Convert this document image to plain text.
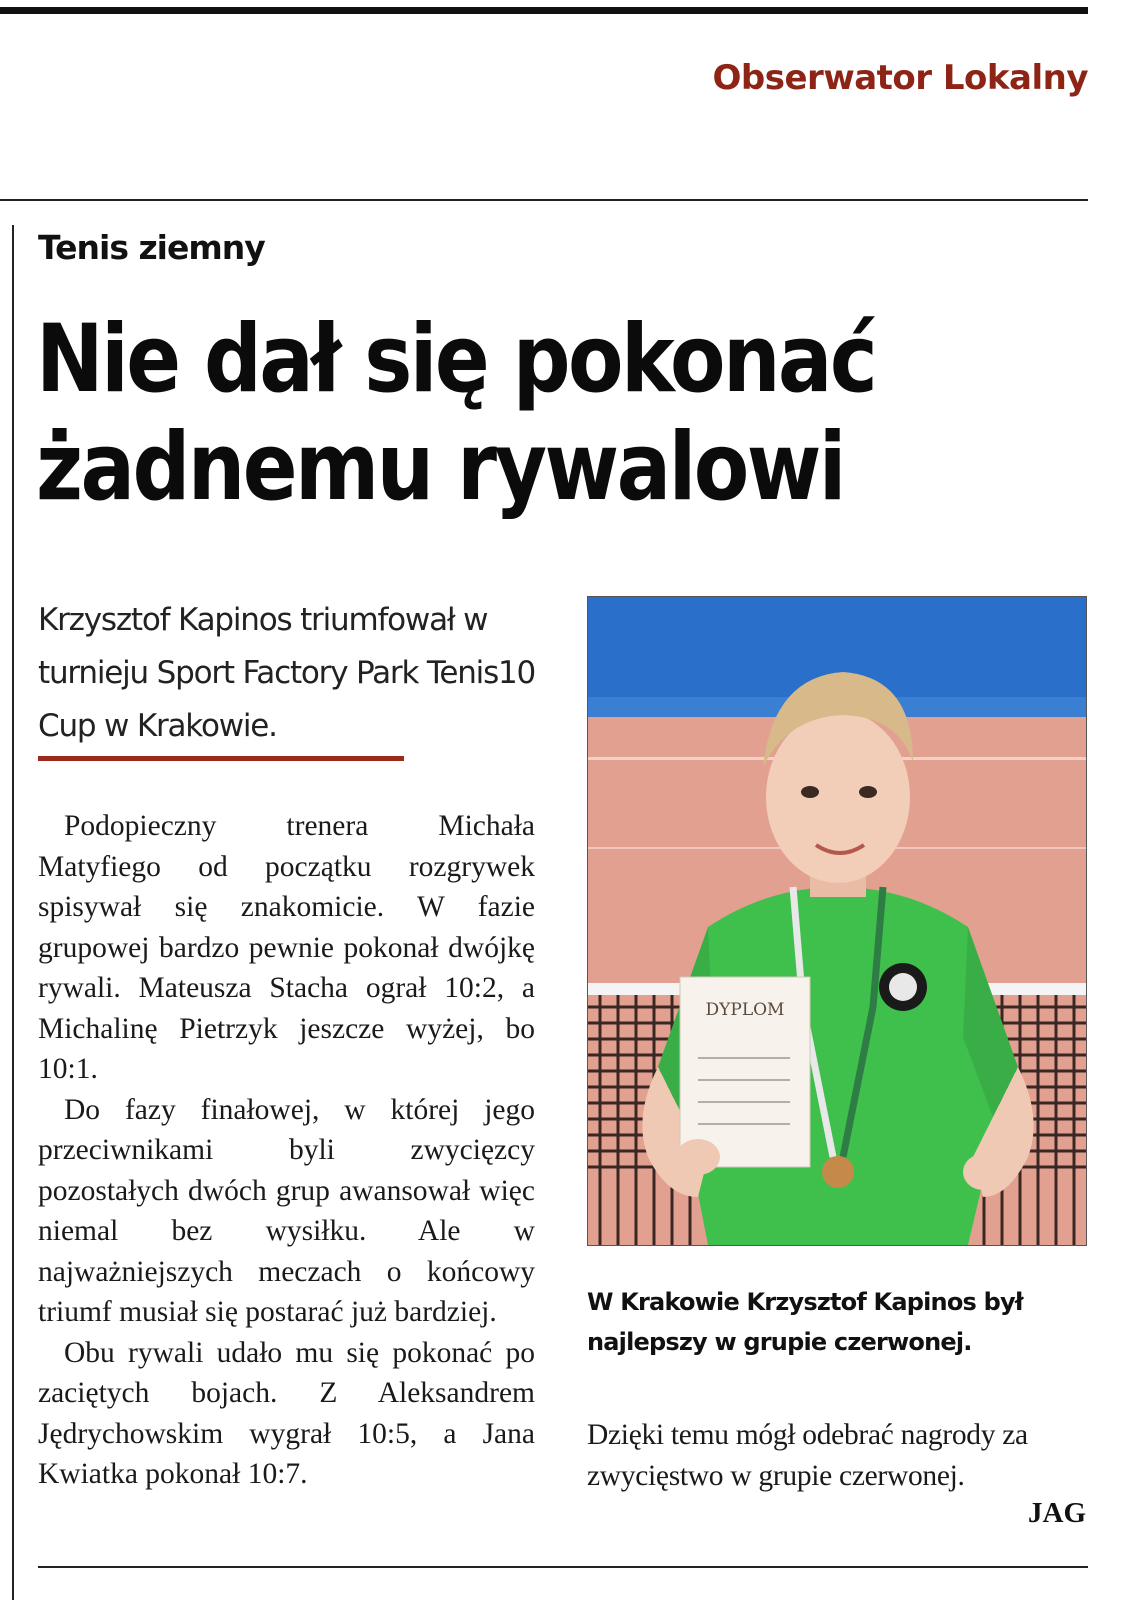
Obserwator Lokalny
Tenis ziemny
Nie dał się pokonać
żadnemu rywalowi

Krzysztof Kapinos triumfował w turnieju Sport Factory Park Tenis10 Cup w Krakowie.

Podopieczny trenera Michała Matyfiego od początku rozgrywek spisywał się znakomicie. W fazie grupowej bardzo pewnie pokonał dwójkę rywali. Mateusza Stacha ograł 10:2, a Michalinę Pietrzyk jeszcze wyżej, bo 10:1.

Do fazy finałowej, w której jego przeciwnikami byli zwycięzcy pozostałych dwóch grup awansował więc niemal bez wysiłku. Ale w najważniejszych meczach o końcowy triumf musiał się postarać już bardziej.

Obu rywali udało mu się pokonać po zaciętych bojach. Z Aleksandrem Jędrychowskim wygrał 10:5, a Jana Kwiatka pokonał 10:7.

DYPLOM

W Krakowie Krzysztof Kapinos był najlepszy w grupie czerwonej.

Dzięki temu mógł odebrać nagrody za zwycięstwo w grupie czerwonej.

JAG
